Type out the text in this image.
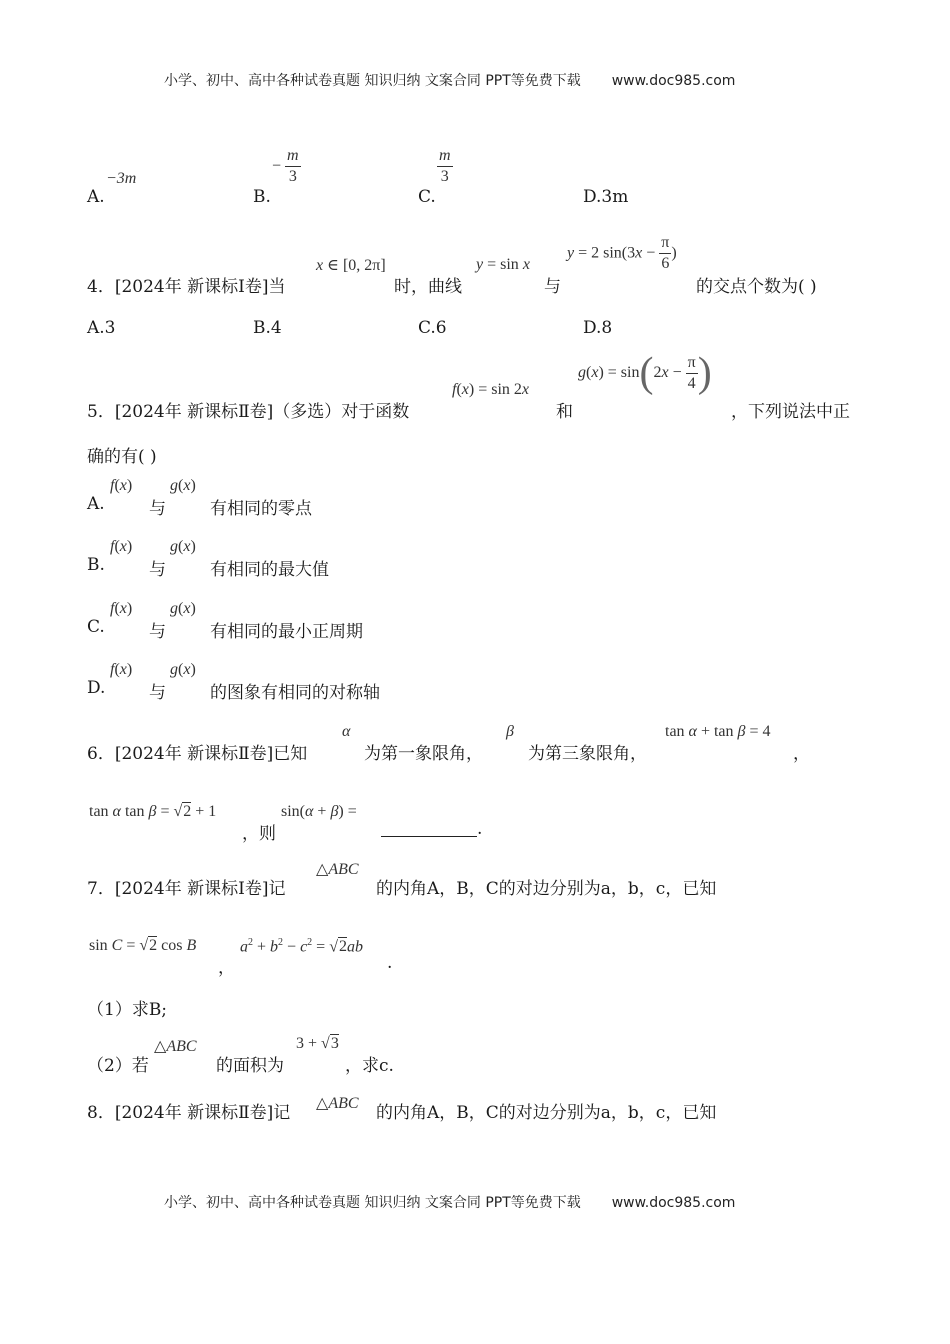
小学、初中、高中各种试卷真题 知识归纳 文案合同 PPT等免费下载 www.doc985.com
A.
−3m
B.
− $\frac{m}{3}$
C.
$\frac{m}{3}$
D.3m
4．[2024年 新课标Ⅰ卷]当
x ∈ [0, 2π]
时，曲线
y = sin x
与
y = 2 $\sin(3x - \frac{\pi}{6}$ )
的交点个数为( )
A.3	B.4	C.6	D.8
5．[2024年 新课标Ⅱ卷]（多选）对于函数
f(x) = sin 2x
和
$g(x) = \sin(2x - \frac{\pi}{4}$ )
，下列说法中正
确的有( )
A.
f(x)
与
g(x)
有相同的零点
B.
f(x)
与
g(x)
有相同的最大值
C.
f(x)
与
g(x)
有相同的最小正周期
D.
f(x)
与
g(x)
的图象有相同的对称轴
6．[2024年 新课标Ⅱ卷]已知
α
为第一象限角，
β
为第三象限角，
tan α + tan β = 4
，
tan α tan β = √2 + 1
，则
sin(α + β) =
.
7．[2024年 新课标Ⅰ卷]记
△ABC
的内角A，B，C的对边分别为a，b，c，已知
sin C = √2 cos B
，
$a^2 + b^2 - c^2 = √2ab$
.
（1）求B;
（2）若
△ABC
的面积为
3 + √3
，求c.
8．[2024年 新课标Ⅱ卷]记 △ABC 的内角A，B，C的对边分别为a，b，c，已知
小学、初中、高中各种试卷真题 知识归纳 文案合同 PPT等免费下载 www.doc985.com
